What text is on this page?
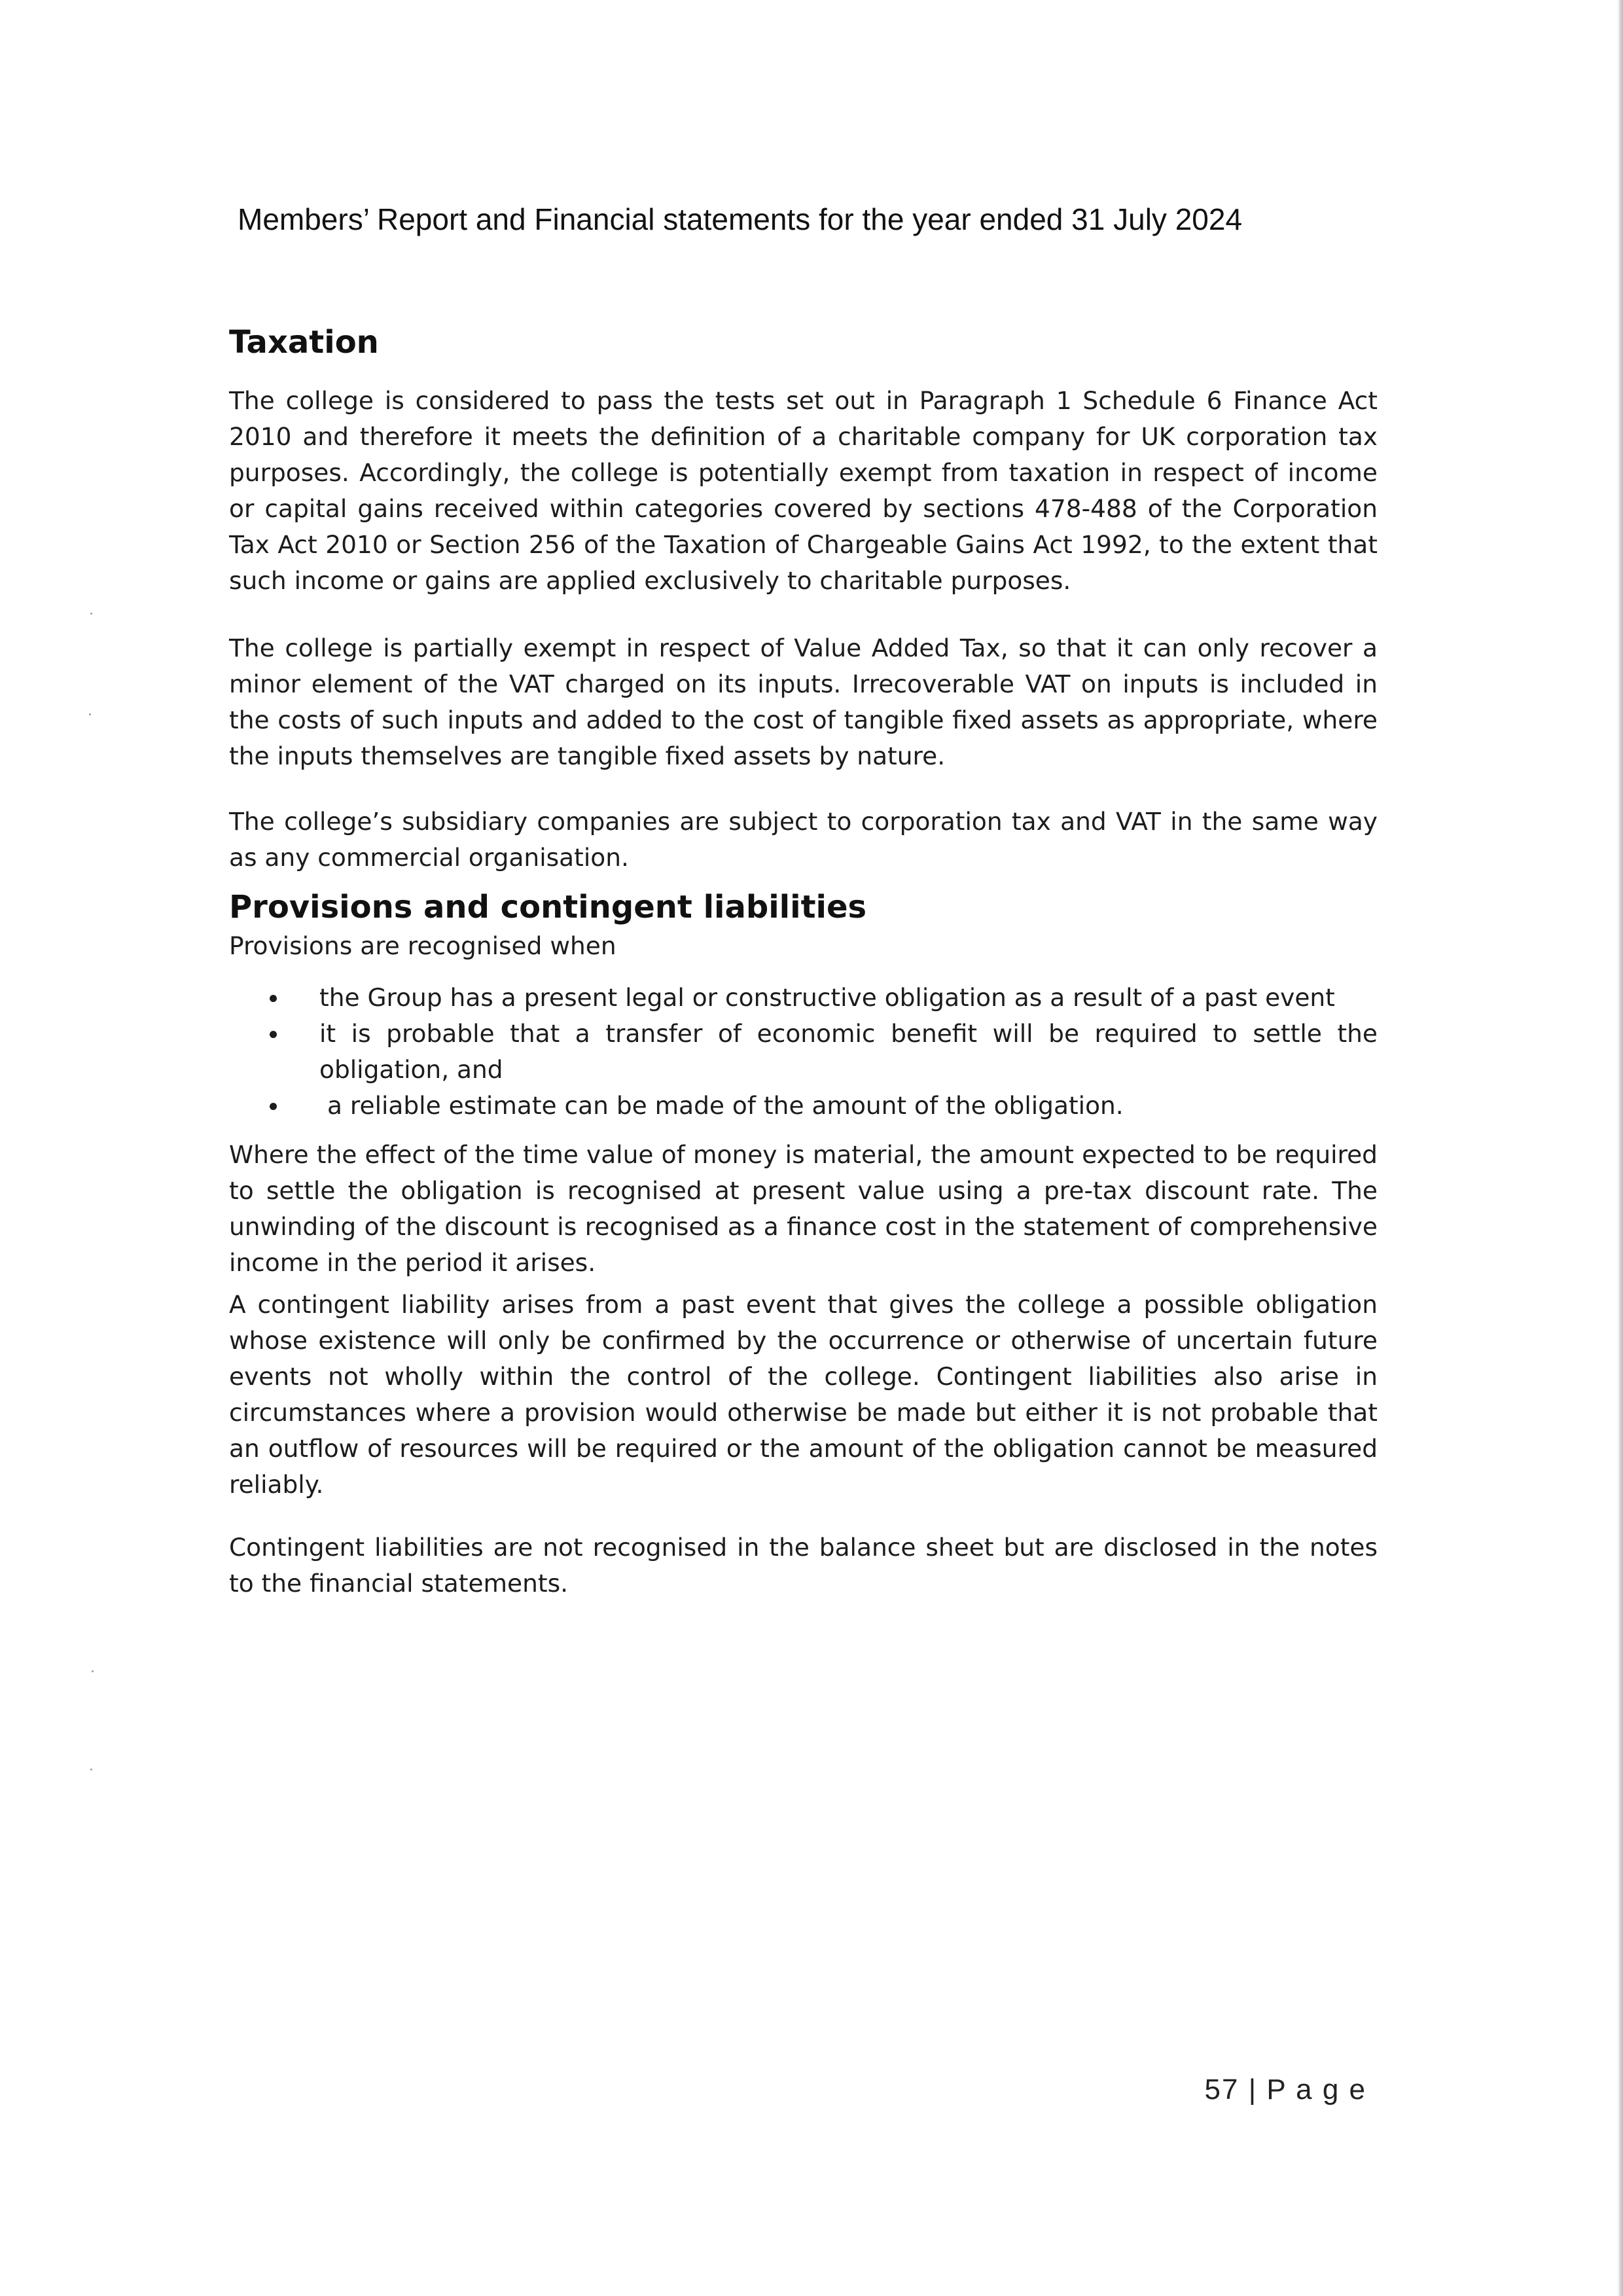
Members’ Report and Financial statements for the year ended 31 July 2024
Taxation

The college is considered to pass the tests set out in Paragraph 1 Schedule 6 Finance Act 2010 and therefore it meets the definition of a charitable company for UK corporation tax purposes. Accordingly, the college is potentially exempt from taxation in respect of income or capital gains received within categories covered by sections 478-488 of the Corporation Tax Act 2010 or Section 256 of the Taxation of Chargeable Gains Act 1992, to the extent that such income or gains are applied exclusively to charitable purposes.

The college is partially exempt in respect of Value Added Tax, so that it can only recover a minor element of the VAT charged on its inputs. Irrecoverable VAT on inputs is included in the costs of such inputs and added to the cost of tangible fixed assets as appropriate, where the inputs themselves are tangible fixed assets by nature.

The college’s subsidiary companies are subject to corporation tax and VAT in the same way as any commercial organisation.

Provisions and contingent liabilities
Provisions are recognised when
the Group has a present legal or constructive obligation as a result of a past event
it is probable that a transfer of economic benefit will be required to settle the obligation, and
a reliable estimate can be made of the amount of the obligation.

Where the effect of the time value of money is material, the amount expected to be required to settle the obligation is recognised at present value using a pre-tax discount rate. The unwinding of the discount is recognised as a finance cost in the statement of comprehensive income in the period it arises.

A contingent liability arises from a past event that gives the college a possible obligation whose existence will only be confirmed by the occurrence or otherwise of uncertain future events not wholly within the control of the college. Contingent liabilities also arise in circumstances where a provision would otherwise be made but either it is not probable that an outflow of resources will be required or the amount of the obligation cannot be measured reliably.

Contingent liabilities are not recognised in the balance sheet but are disclosed in the notes to the financial statements.

57 | P a g e
